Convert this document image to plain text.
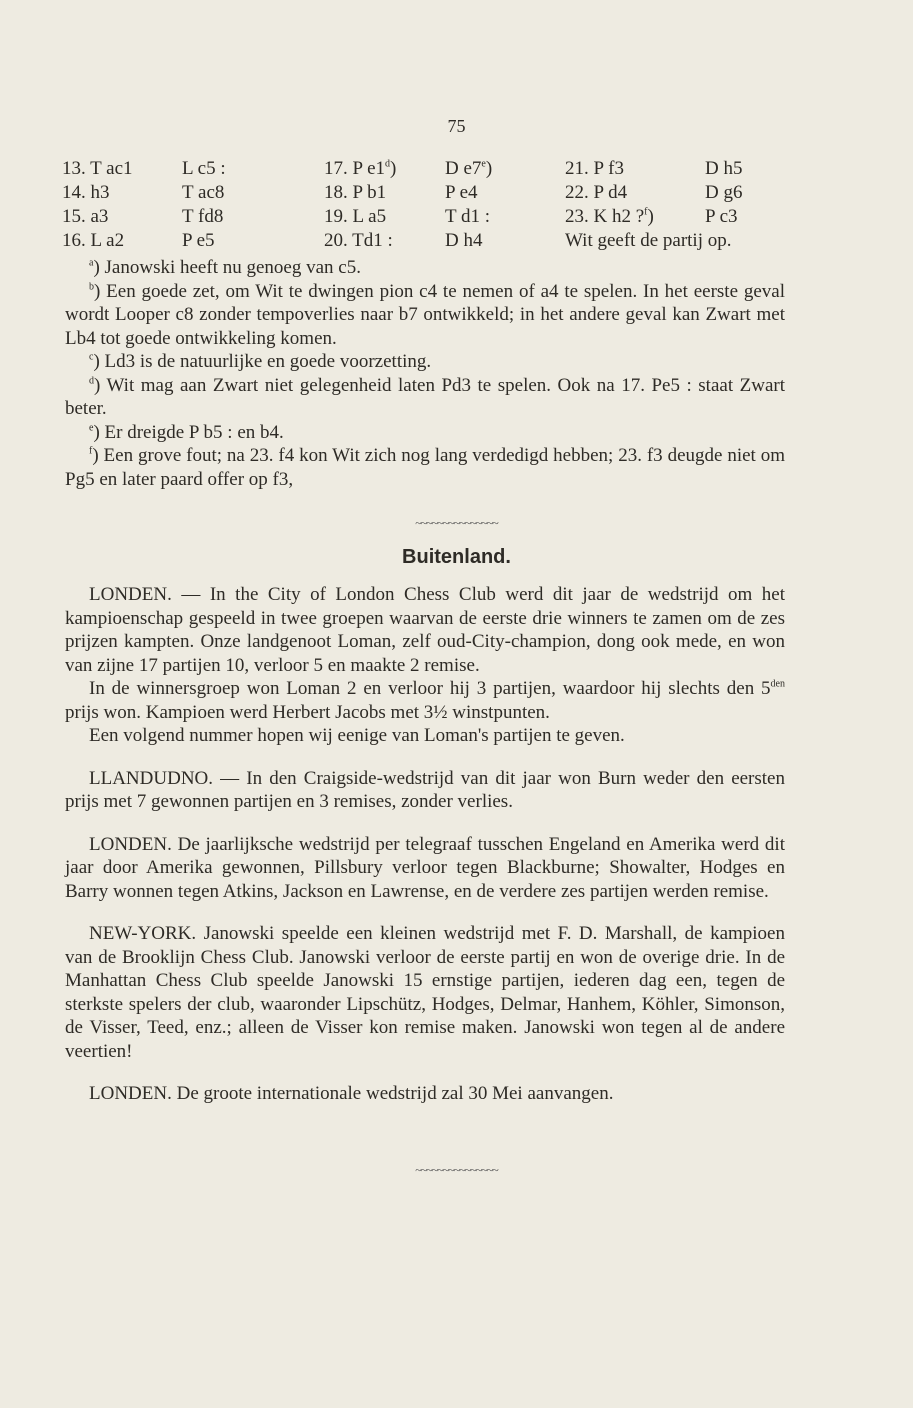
75
13. T ac1	L c5 :	17. P e1$^d$)	D e7e)	21. P f3	D h5
14. h3	T ac8	18. P b1	P e4	22. P d4	D g6
15. a3	T fd8	19. L a5	T d1 :	23. K h2 ?$^f$)	P c3
16. L a2	P e5	20. Td1 :	D h4	Wit geeft de partij op.

$^a$) Janowski heeft nu genoeg van c5.

$^b$) Een goede zet, om Wit te dwingen pion c4 te nemen of a4 te spelen. In het eerste geval wordt Looper c8 zonder tempoverlies naar b7 ontwikkeld; in het andere geval kan Zwart met Lb4 tot goede ontwikkeling komen.

$^c$) Ld3 is de natuurlijke en goede voorzetting.

$^d$) Wit mag aan Zwart niet gelegenheid laten Pd3 te spelen. Ook na 17. Pe5 : staat Zwart beter.

$^e$) Er dreigde P b5 : en b4.

$^f$) Een grove fout; na 23. f4 kon Wit zich nog lang verdedigd hebben; 23. f3 deugde niet om Pg5 en later paard offer op f3,

~~~~~~~~~~~~~~~
Buitenland.

LONDEN. — In the City of London Chess Club werd dit jaar de wedstrijd om het kampioenschap gespeeld in twee groepen waarvan de eerste drie winners te zamen om de zes prijzen kampten. Onze landgenoot Loman, zelf oud-City-champion, dong ook mede, en won van zijne 17 partijen 10, verloor 5 en maakte 2 remise.

In de winnersgroep won Loman 2 en verloor hij 3 partijen, waardoor hij slechts den $5^{den}$ prijs won. Kampioen werd Herbert Jacobs met 3½ winstpunten.

Een volgend nummer hopen wij eenige van Loman's partijen te geven.

LLANDUDNO. — In den Craigside-wedstrijd van dit jaar won Burn weder den eersten prijs met 7 gewonnen partijen en 3 remises, zonder verlies.

LONDEN. De jaarlijksche wedstrijd per telegraaf tusschen Engeland en Amerika werd dit jaar door Amerika gewonnen, Pillsbury verloor tegen Blackburne; Showalter, Hodges en Barry wonnen tegen Atkins, Jackson en Lawrense, en de verdere zes partijen werden remise.

NEW-YORK. Janowski speelde een kleinen wedstrijd met F. D. Marshall, de kampioen van de Brooklijn Chess Club. Janowski verloor de eerste partij en won de overige drie. In de Manhattan Chess Club speelde Janowski 15 ernstige partijen, iederen dag een, tegen de sterkste spelers der club, waaronder Lipschütz, Hodges, Delmar, Hanhem, Köhler, Simonson, de Visser, Teed, enz.; alleen de Visser kon remise maken. Janowski won tegen al de andere veertien!

LONDEN. De groote internationale wedstrijd zal 30 Mei aanvangen.

~~~~~~~~~~~~~~~
